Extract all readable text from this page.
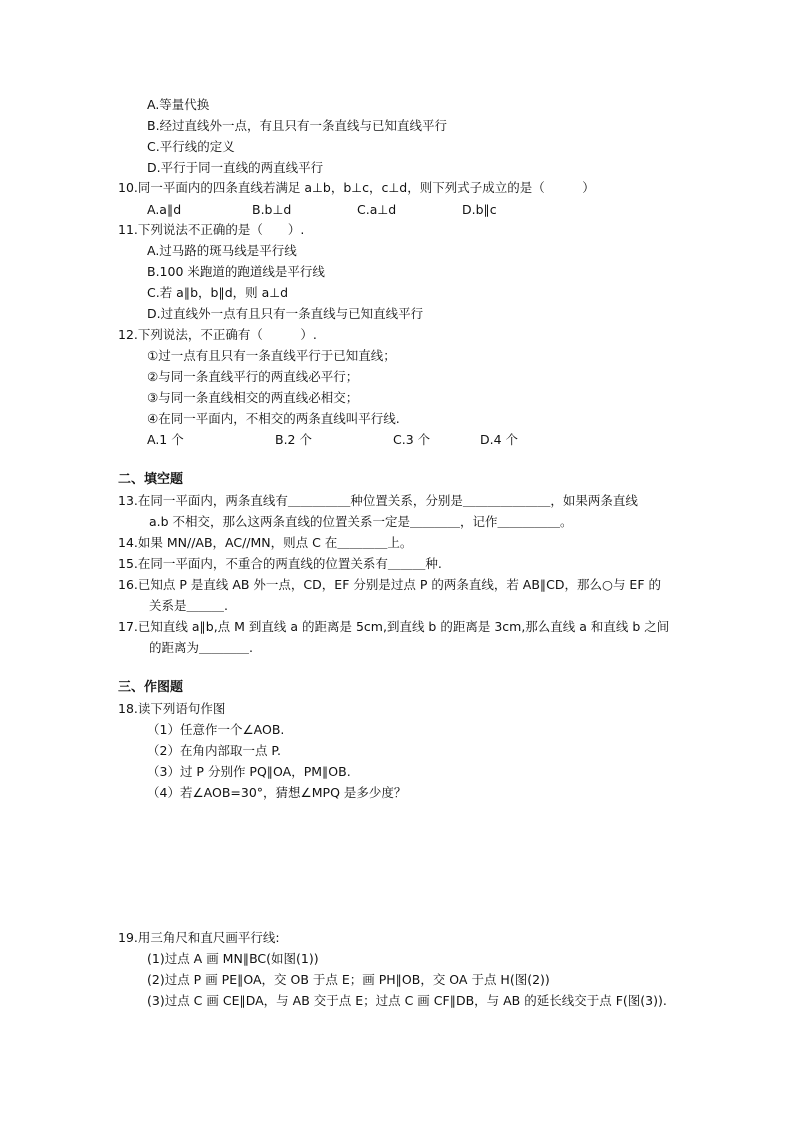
A.等量代换
B.经过直线外一点，有且只有一条直线与已知直线平行
C.平行线的定义
D.平行于同一直线的两直线平行
10.同一平面内的四条直线若满足 a⊥b，b⊥c，c⊥d，则下列式子成立的是（　　　）
A.a∥d	B.b⊥d	C.a⊥d	D.b∥c
11.下列说法不正确的是（　　）.
A.过马路的斑马线是平行线
B.100 米跑道的跑道线是平行线
C.若 a∥b，b∥d，则 a⊥d
D.过直线外一点有且只有一条直线与已知直线平行
12.下列说法，不正确有（　　　）.
①过一点有且只有一条直线平行于已知直线；
②与同一条直线平行的两直线必平行；
③与同一条直线相交的两直线必相交；
④在同一平面内，不相交的两条直线叫平行线.
A.1 个	B.2 个	C.3 个	D.4 个
二、填空题
13.在同一平面内，两条直线有＿＿＿＿＿种位置关系，分别是＿＿＿＿＿＿＿，如果两条直线
a.b 不相交，那么这两条直线的位置关系一定是＿＿＿＿，记作＿＿＿＿＿。
14.如果 MN//AB，AC//MN，则点 C 在＿＿＿＿上。
15.在同一平面内，不重合的两直线的位置关系有＿＿＿种.
16.已知点 P 是直线 AB 外一点，CD，EF 分别是过点 P 的两条直线，若 AB∥CD，那么○与 EF 的
关系是＿＿＿.
17.已知直线 a∥b,点 M 到直线 a 的距离是 5cm,到直线 b 的距离是 3cm,那么直线 a 和直线 b 之间
的距离为＿＿＿＿.
三、作图题
18.读下列语句作图
（1）任意作一个∠AOB.
（2）在角内部取一点 P.
（3）过 P 分别作 PQ∥OA，PM∥OB.
（4）若∠AOB=30°，猜想∠MPQ 是多少度？
19.用三角尺和直尺画平行线:
(1)过点 A 画 MN∥BC(如图(1))
(2)过点 P 画 PE∥OA，交 OB 于点 E；画 PH∥OB，交 OA 于点 H(图(2))
(3)过点 C 画 CE∥DA，与 AB 交于点 E；过点 C 画 CF∥DB，与 AB 的延长线交于点 F(图(3)).
